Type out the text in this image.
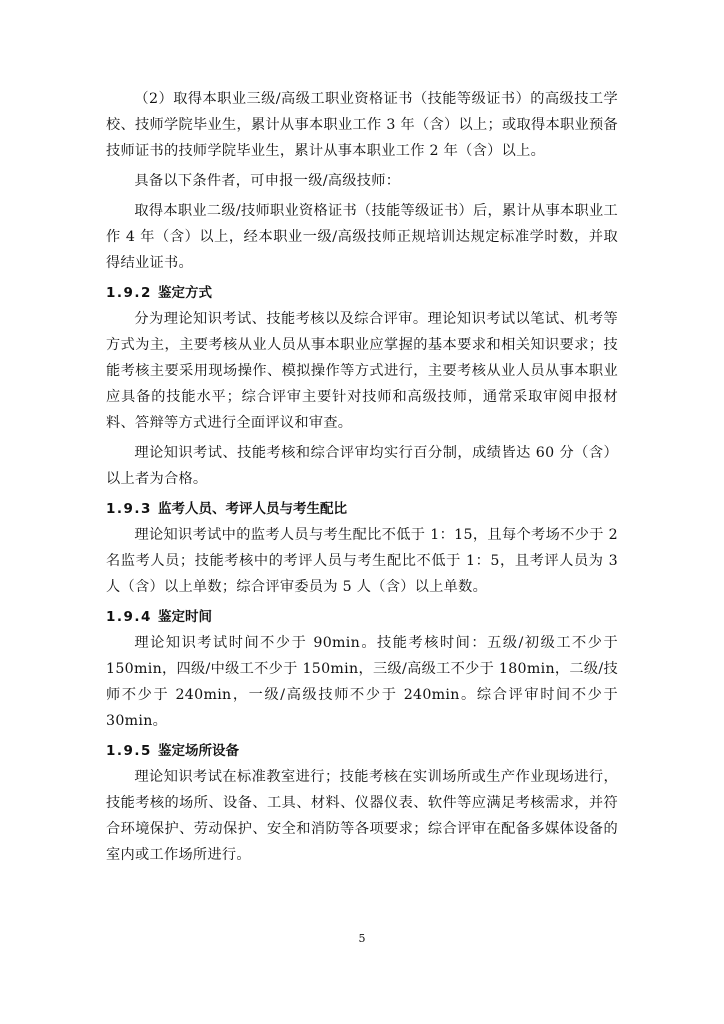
（2）取得本职业三级/高级工职业资格证书（技能等级证书）的高级技工学校、技师学院毕业生，累计从事本职业工作 3 年（含）以上；或取得本职业预备技师证书的技师学院毕业生，累计从事本职业工作 2 年（含）以上。

具备以下条件者，可申报一级/高级技师：

取得本职业二级/技师职业资格证书（技能等级证书）后，累计从事本职业工作 4 年（含）以上，经本职业一级/高级技师正规培训达规定标准学时数，并取得结业证书。

1.9.2 鉴定方式

分为理论知识考试、技能考核以及综合评审。理论知识考试以笔试、机考等方式为主，主要考核从业人员从事本职业应掌握的基本要求和相关知识要求；技能考核主要采用现场操作、模拟操作等方式进行，主要考核从业人员从事本职业应具备的技能水平；综合评审主要针对技师和高级技师，通常采取审阅申报材料、答辩等方式进行全面评议和审查。

理论知识考试、技能考核和综合评审均实行百分制，成绩皆达 60 分（含）以上者为合格。

1.9.3 监考人员、考评人员与考生配比

理论知识考试中的监考人员与考生配比不低于 1：15，且每个考场不少于 2 名监考人员；技能考核中的考评人员与考生配比不低于 1：5，且考评人员为 3 人（含）以上单数；综合评审委员为 5 人（含）以上单数。

1.9.4 鉴定时间

理论知识考试时间不少于 90min。技能考核时间：五级/初级工不少于 150min，四级/中级工不少于 150min，三级/高级工不少于 180min，二级/技师不少于 240min，一级/高级技师不少于 240min。综合评审时间不少于 30min。

1.9.5 鉴定场所设备

理论知识考试在标准教室进行；技能考核在实训场所或生产作业现场进行，技能考核的场所、设备、工具、材料、仪器仪表、软件等应满足考核需求，并符合环境保护、劳动保护、安全和消防等各项要求；综合评审在配备多媒体设备的室内或工作场所进行。

5
